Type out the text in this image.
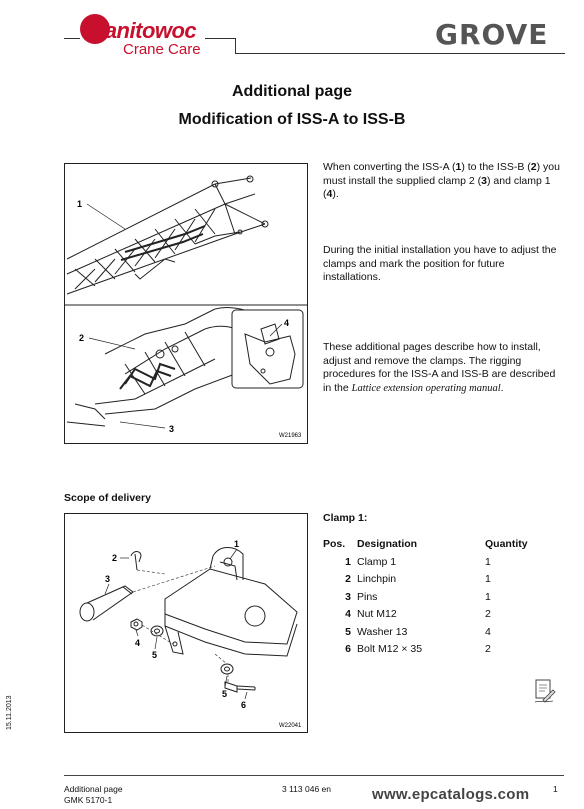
Manitowoc
Crane Care	GROVE
Additional page
Modification of ISS-A to ISS-B
When converting the ISS-A (1) to the ISS-B (2) you must install the supplied clamp 2 (3) and clamp 1 (4).
During the initial installation you have to adjust the clamps and mark the position for future installations.
These additional pages describe how to install, adjust and remove the clamps. The rigging procedures for the ISS-A and ISS-B are described in the Lattice extension operating manual.
1
2
3
4
W21963
Scope of delivery
1
2
3
4
5
5
6
W22041
Clamp 1:
Pos.	Designation	Quantity
1	Clamp 1	1
2	Linchpin	1
3	Pins	1
4	Nut M12	2
5	Washer 13	4
6	Bolt M12 × 35	2
15.11.2013
Additional page
GMK 5170-1
3 113 046 en	1
www.epcatalogs.com
